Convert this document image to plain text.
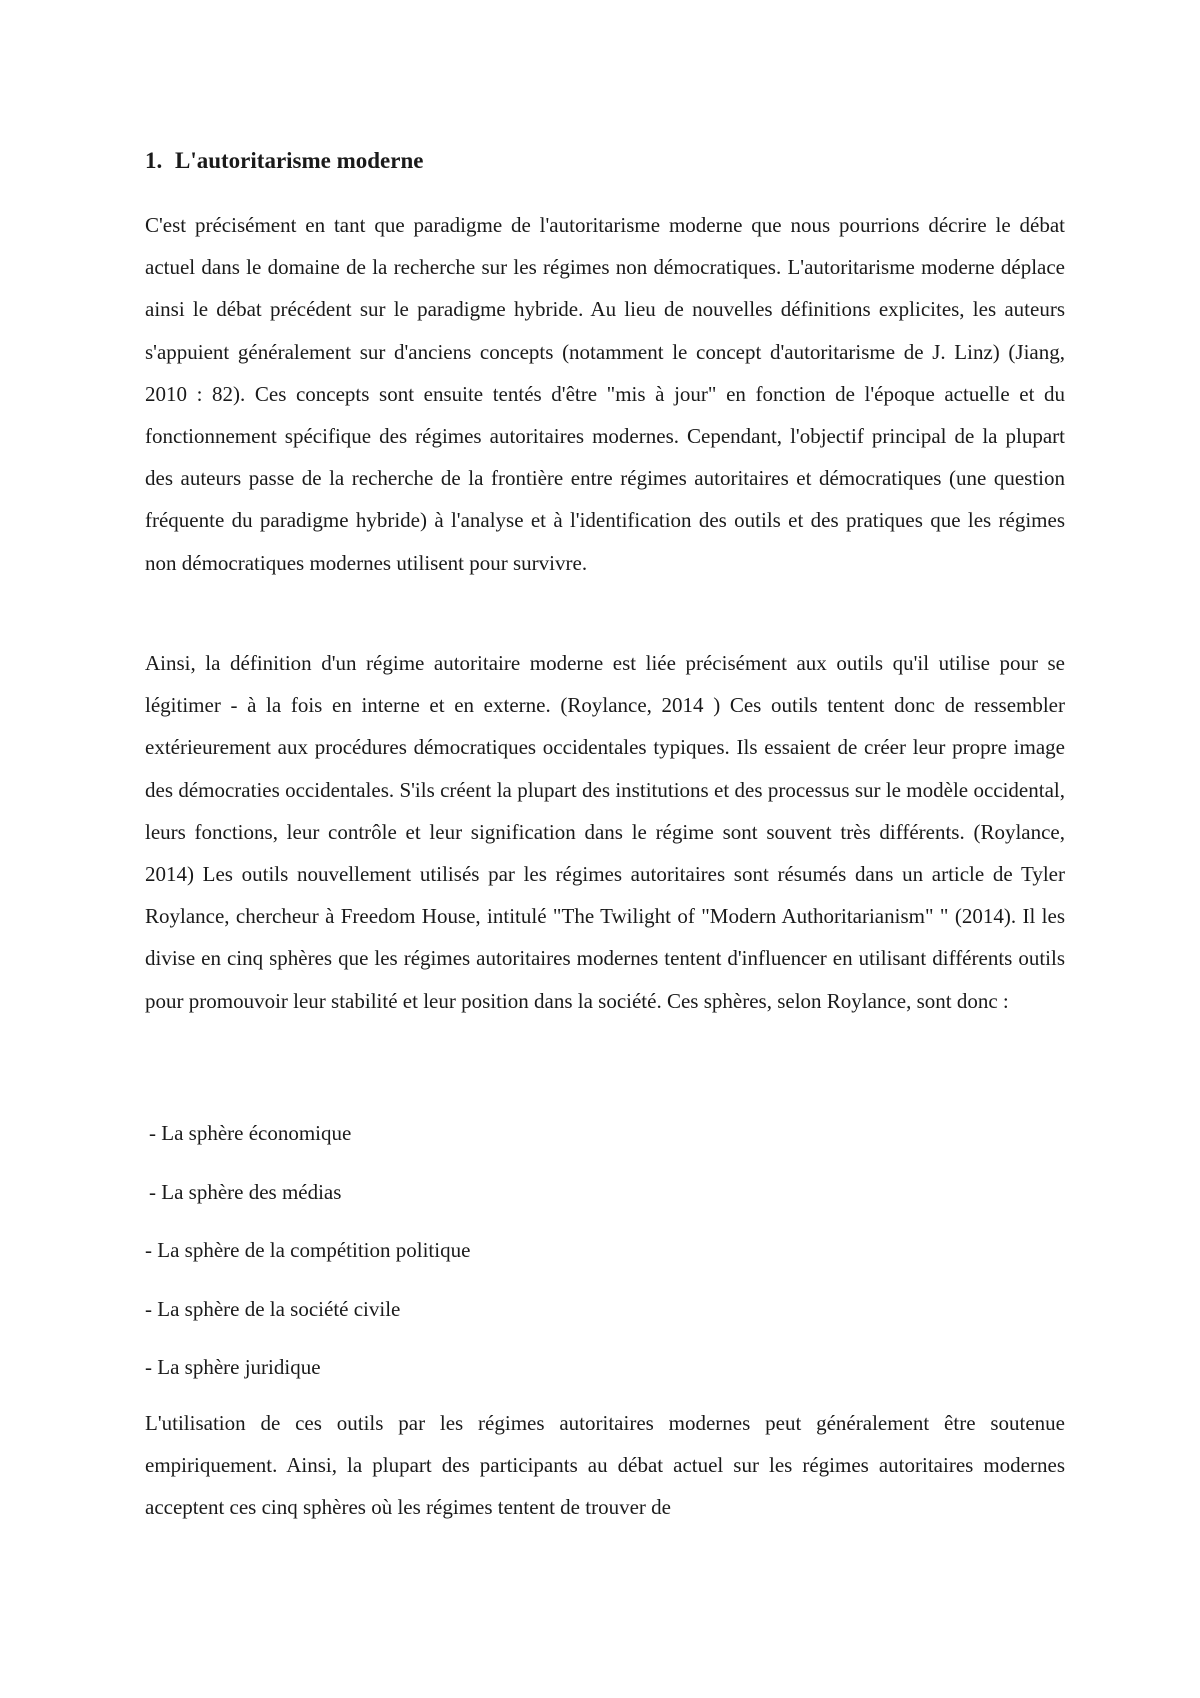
1. L'autoritarisme moderne

C'est précisément en tant que paradigme de l'autoritarisme moderne que nous pourrions décrire le débat actuel dans le domaine de la recherche sur les régimes non démocratiques. L'autoritarisme moderne déplace ainsi le débat précédent sur le paradigme hybride. Au lieu de nouvelles définitions explicites, les auteurs s'appuient généralement sur d'anciens concepts (notamment le concept d'autoritarisme de J. Linz) (Jiang, 2010 : 82). Ces concepts sont ensuite tentés d'être "mis à jour" en fonction de l'époque actuelle et du fonctionnement spécifique des régimes autoritaires modernes. Cependant, l'objectif principal de la plupart des auteurs passe de la recherche de la frontière entre régimes autoritaires et démocratiques (une question fréquente du paradigme hybride) à l'analyse et à l'identification des outils et des pratiques que les régimes non démocratiques modernes utilisent pour survivre.

Ainsi, la définition d'un régime autoritaire moderne est liée précisément aux outils qu'il utilise pour se légitimer - à la fois en interne et en externe. (Roylance, 2014 ) Ces outils tentent donc de ressembler extérieurement aux procédures démocratiques occidentales typiques. Ils essaient de créer leur propre image des démocraties occidentales. S'ils créent la plupart des institutions et des processus sur le modèle occidental, leurs fonctions, leur contrôle et leur signification dans le régime sont souvent très différents. (Roylance, 2014) Les outils nouvellement utilisés par les régimes autoritaires sont résumés dans un article de Tyler Roylance, chercheur à Freedom House, intitulé "The Twilight of "Modern Authoritarianism" " (2014). Il les divise en cinq sphères que les régimes autoritaires modernes tentent d'influencer en utilisant différents outils pour promouvoir leur stabilité et leur position dans la société. Ces sphères, selon Roylance, sont donc :

- La sphère économique
- La sphère des médias
- La sphère de la compétition politique
- La sphère de la société civile
- La sphère juridique

L'utilisation de ces outils par les régimes autoritaires modernes peut généralement être soutenue empiriquement. Ainsi, la plupart des participants au débat actuel sur les régimes autoritaires modernes acceptent ces cinq sphères où les régimes tentent de trouver de
